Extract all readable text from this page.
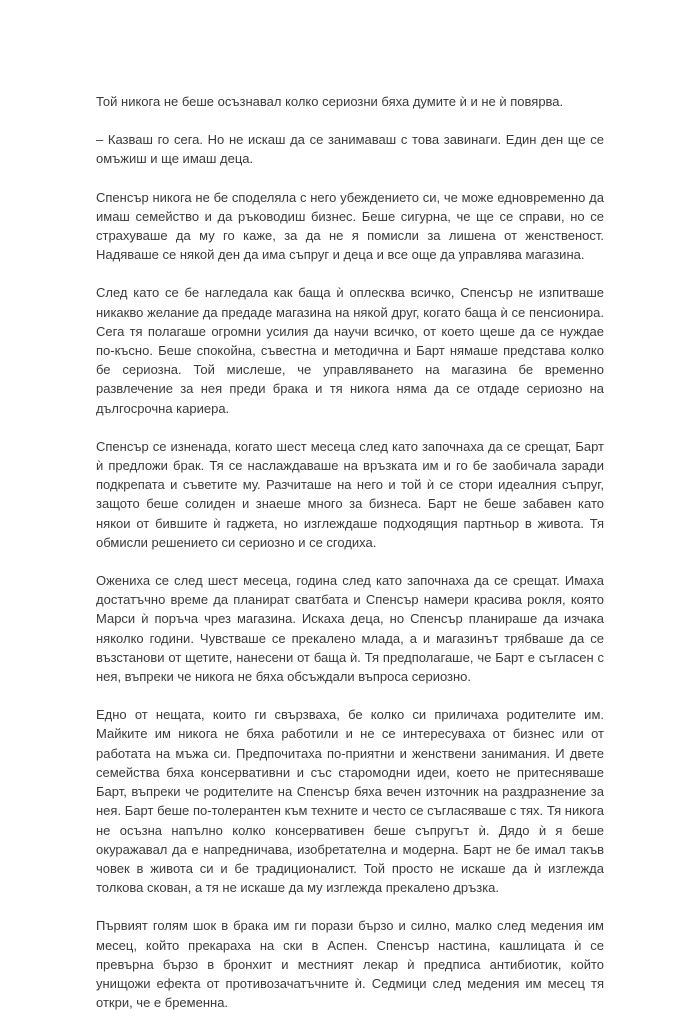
Той никога не беше осъзнавал колко сериозни бяха думите ѝ и не ѝ повярва.

– Казваш го сега. Но не искаш да се занимаваш с това завинаги. Един ден ще се омъжиш и ще имаш деца.

Спенсър никога не бе споделяла с него убеждението си, че може едновременно да имаш семейство и да ръководиш бизнес. Беше сигурна, че ще се справи, но се страхуваше да му го каже, за да не я помисли за лишена от женственост. Надяваше се някой ден да има съпруг и деца и все още да управлява магазина.

След като се бе нагледала как баща ѝ оплесква всичко, Спенсър не изпитваше никакво желание да предаде магазина на някой друг, когато баща ѝ се пенсионира. Сега тя полагаше огромни усилия да научи всичко, от което щеше да се нуждае по-късно. Беше спокойна, съвестна и методична и Барт нямаше представа колко бе сериозна. Той мислеше, че управляването на магазина бе временно развлечение за нея преди брака и тя никога няма да се отдаде сериозно на дългосрочна кариера.

Спенсър се изненада, когато шест месеца след като започнаха да се срещат, Барт ѝ предложи брак. Тя се наслаждаваше на връзката им и го бе заобичала заради подкрепата и съветите му. Разчиташе на него и той ѝ се стори идеалния съпруг, защото беше солиден и знаеше много за бизнеса. Барт не беше забавен като някои от бившите ѝ гаджета, но изглеждаше подходящия партньор в живота. Тя обмисли решението си сериозно и се сгодиха.

Ожениха се след шест месеца, година след като започнаха да се срещат. Имаха достатъчно време да планират сватбата и Спенсър намери красива рокля, която Марси ѝ поръча чрез магазина. Искаха деца, но Спенсър планираше да изчака няколко години. Чувстваше се прекалено млада, а и магазинът трябваше да се възстанови от щетите, нанесени от баща ѝ. Тя предполагаше, че Барт е съгласен с нея, въпреки че никога не бяха обсъждали въпроса сериозно.

Едно от нещата, които ги свързваха, бе колко си приличаха родителите им. Майките им никога не бяха работили и не се интересуваха от бизнес или от работата на мъжа си. Предпочитаха по-приятни и женствени занимания. И двете семейства бяха консервативни и със старомодни идеи, което не притесняваше Барт, въпреки че родителите на Спенсър бяха вечен източник на раздразнение за нея. Барт беше по-толерантен към техните и често се съгласяваше с тях. Тя никога не осъзна напълно колко консервативен беше съпругът ѝ. Дядо ѝ я беше окуражавал да е напредничава, изобретателна и модерна. Барт не бе имал такъв човек в живота си и бе традиционалист. Той просто не искаше да ѝ изглежда толкова скован, а тя не искаше да му изглежда прекалено дръзка.

Първият голям шок в брака им ги порази бързо и силно, малко след медения им месец, който прекараха на ски в Аспен. Спенсър настина, кашлицата ѝ се превърна бързо в бронхит и местният лекар ѝ предписа антибиотик, който унищожи ефекта от противозачатъчните ѝ. Седмици след медения им месец тя откри, че е бременна.
